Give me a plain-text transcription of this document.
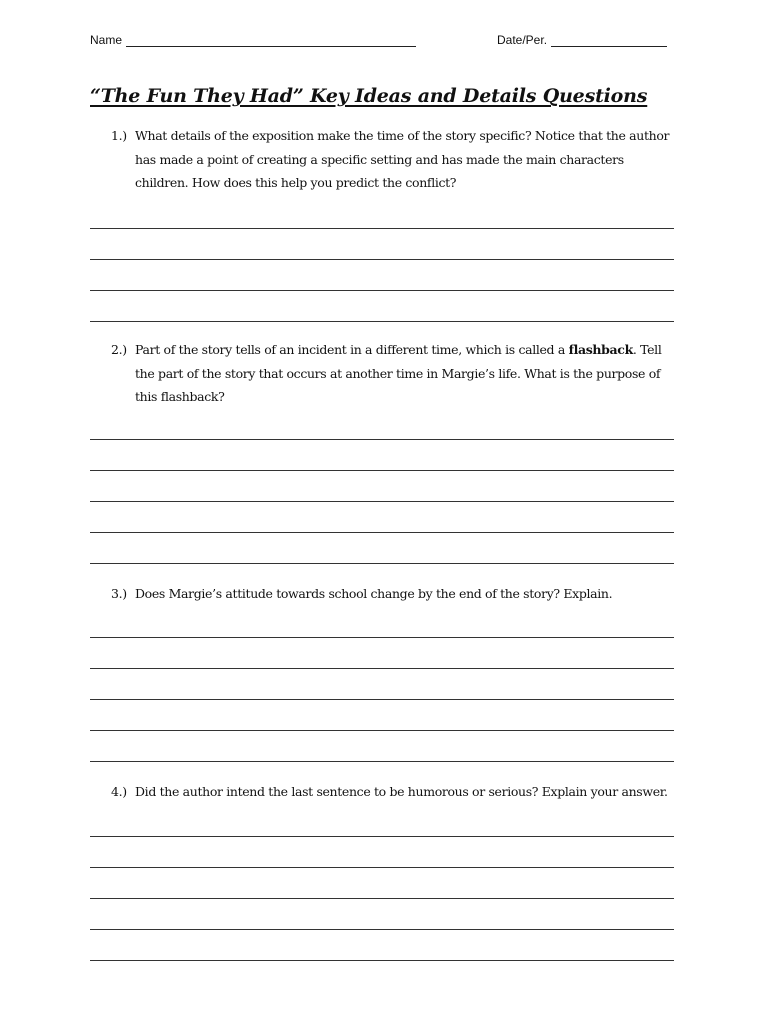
Name	Date/Per.
“The Fun They Had” Key Ideas and Details Questions
1.) What details of the exposition make the time of the story specific? Notice that the author has made a point of creating a specific setting and has made the main characters children. How does this help you predict the conflict?
2.) Part of the story tells of an incident in a different time, which is called a flashback. Tell the part of the story that occurs at another time in Margie’s life. What is the purpose of this flashback?
3.) Does Margie’s attitude towards school change by the end of the story? Explain.
4.) Did the author intend the last sentence to be humorous or serious? Explain your answer.
